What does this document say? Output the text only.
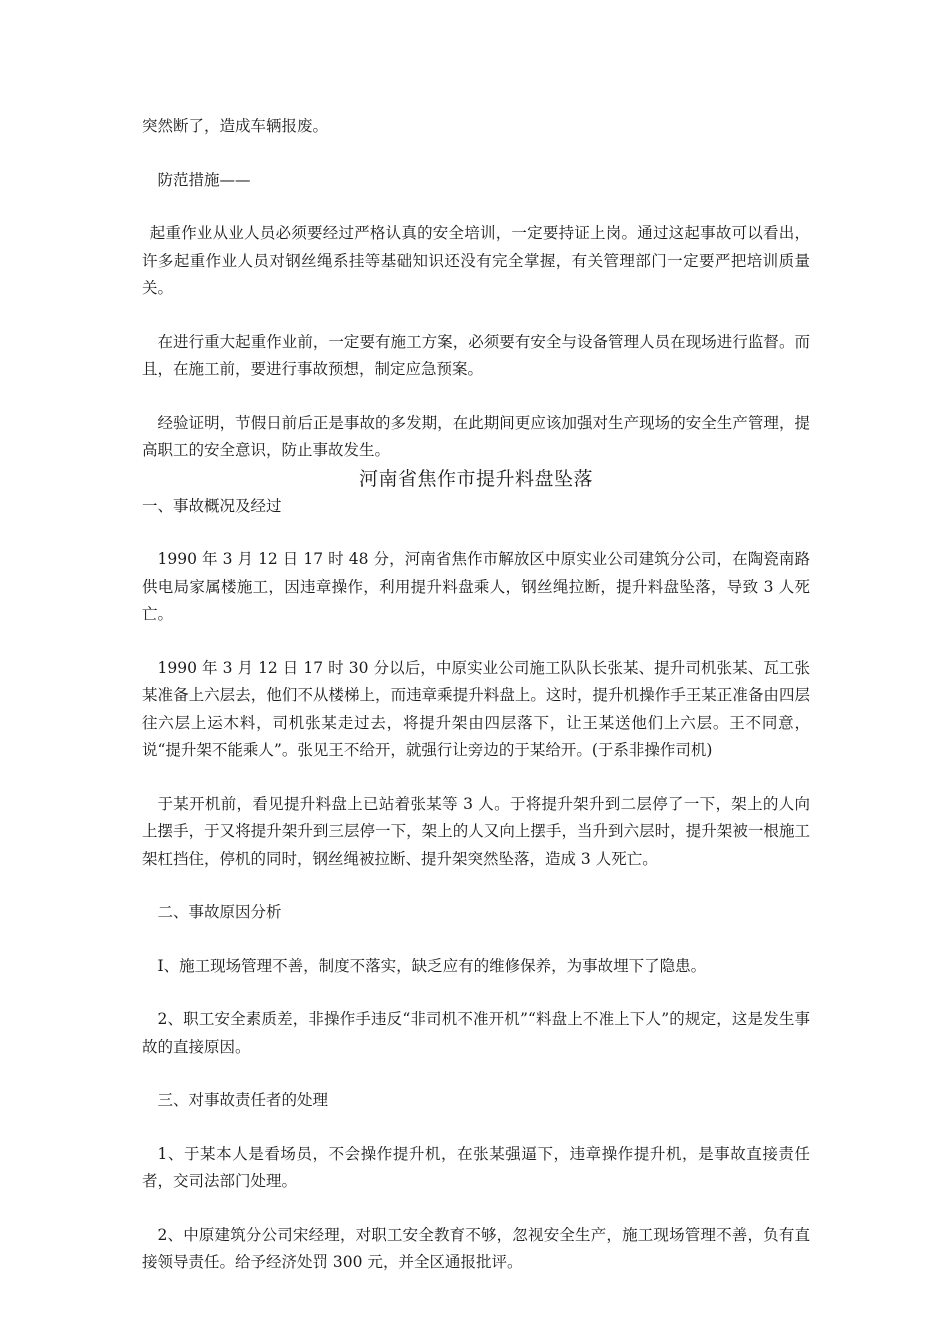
突然断了，造成车辆报废。

防范措施——

起重作业从业人员必须要经过严格认真的安全培训，一定要持证上岗。通过这起事故可以看出，许多起重作业人员对钢丝绳系挂等基础知识还没有完全掌握，有关管理部门一定要严把培训质量关。

在进行重大起重作业前，一定要有施工方案，必须要有安全与设备管理人员在现场进行监督。而且，在施工前，要进行事故预想，制定应急预案。

经验证明，节假日前后正是事故的多发期，在此期间更应该加强对生产现场的安全生产管理，提高职工的安全意识，防止事故发生。

河南省焦作市提升料盘坠落

一、事故概况及经过

1990 年 3 月 12 日 17 时 48 分，河南省焦作市解放区中原实业公司建筑分公司，在陶瓷南路供电局家属楼施工，因违章操作，利用提升料盘乘人，钢丝绳拉断，提升料盘坠落，导致 3 人死亡。

1990 年 3 月 12 日 17 时 30 分以后，中原实业公司施工队队长张某、提升司机张某、瓦工张某准备上六层去，他们不从楼梯上，而违章乘提升料盘上。这时，提升机操作手王某正准备由四层往六层上运木料，司机张某走过去，将提升架由四层落下，让王某送他们上六层。王不同意，说“提升架不能乘人”。张见王不给开，就强行让旁边的于某给开。(于系非操作司机)

于某开机前，看见提升料盘上已站着张某等 3 人。于将提升架升到二层停了一下，架上的人向上摆手，于又将提升架升到三层停一下，架上的人又向上摆手，当升到六层时，提升架被一根施工架杠挡住，停机的同时，钢丝绳被拉断、提升架突然坠落，造成 3 人死亡。

二、事故原因分析

I、施工现场管理不善，制度不落实，缺乏应有的维修保养，为事故埋下了隐患。

2、职工安全素质差，非操作手违反“非司机不准开机”“料盘上不准上下人”的规定，这是发生事故的直接原因。

三、对事故责任者的处理

1、于某本人是看场员，不会操作提升机，在张某强逼下，违章操作提升机，是事故直接责任者，交司法部门处理。

2、中原建筑分公司宋经理，对职工安全教育不够，忽视安全生产，施工现场管理不善，负有直接领导责任。给予经济处罚 300 元，并全区通报批评。
